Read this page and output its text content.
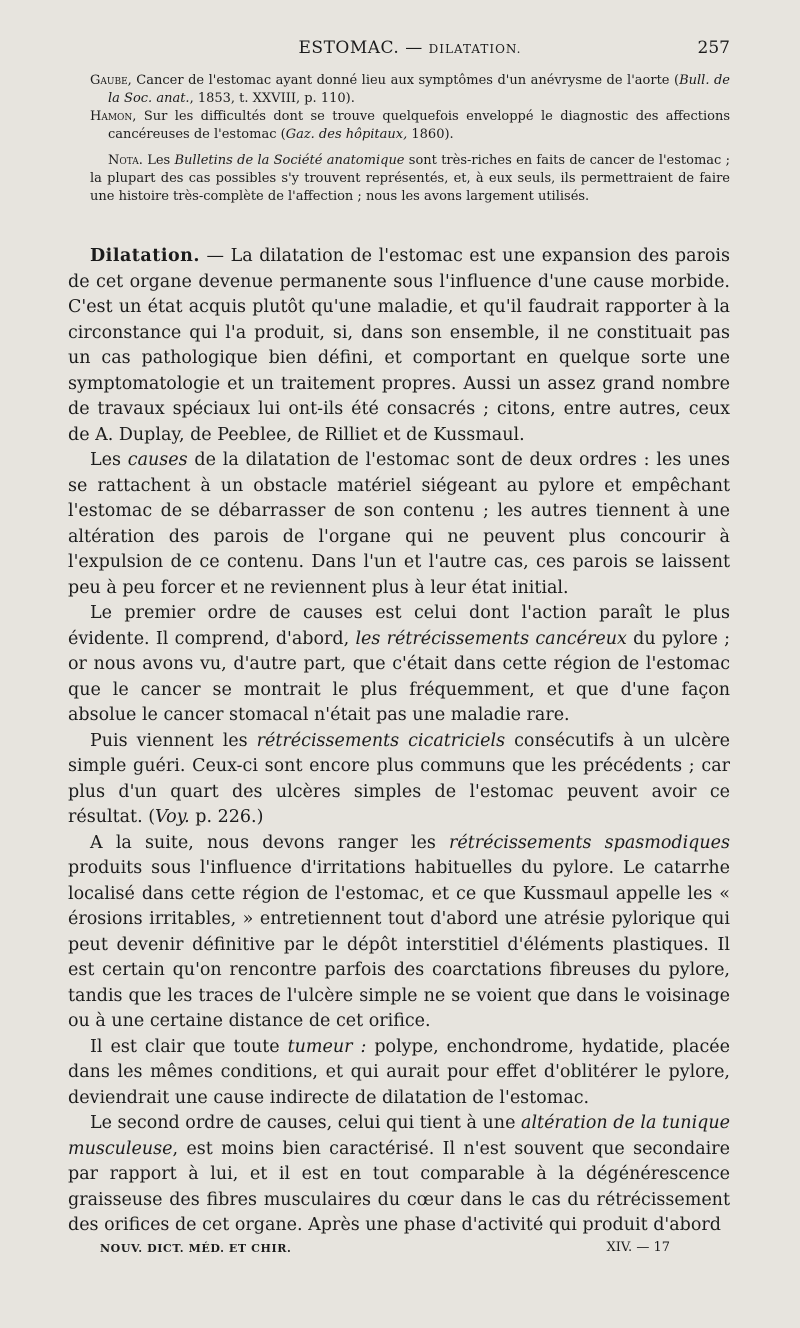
ESTOMAC. — DILATATION.	257

Gaube, Cancer de l'estomac ayant donné lieu aux symptômes d'un anévrysme de l'aorte (Bull. de la Soc. anat., 1853, t. XXVIII, p. 110).

Hamon, Sur les difficultés dont se trouve quelquefois enveloppé le diagnostic des affections cancéreuses de l'estomac (Gaz. des hôpitaux, 1860).

Nota. Les Bulletins de la Société anatomique sont très-riches en faits de cancer de l'estomac ; la plupart des cas possibles s'y trouvent représentés, et, à eux seuls, ils permettraient de faire une histoire très-complète de l'affection ; nous les avons largement utilisés.

Dilatation. — La dilatation de l'estomac est une expansion des parois de cet organe devenue permanente sous l'influence d'une cause morbide. C'est un état acquis plutôt qu'une maladie, et qu'il faudrait rapporter à la circonstance qui l'a produit, si, dans son ensemble, il ne constituait pas un cas pathologique bien défini, et comportant en quelque sorte une symptomatologie et un traitement propres. Aussi un assez grand nombre de travaux spéciaux lui ont-ils été consacrés ; citons, entre autres, ceux de A. Duplay, de Peeblee, de Rilliet et de Kussmaul.

Les causes de la dilatation de l'estomac sont de deux ordres : les unes se rattachent à un obstacle matériel siégeant au pylore et empêchant l'estomac de se débarrasser de son contenu ; les autres tiennent à une altération des parois de l'organe qui ne peuvent plus concourir à l'expulsion de ce contenu. Dans l'un et l'autre cas, ces parois se laissent peu à peu forcer et ne reviennent plus à leur état initial.

Le premier ordre de causes est celui dont l'action paraît le plus évidente. Il comprend, d'abord, les rétrécissements cancéreux du pylore ; or nous avons vu, d'autre part, que c'était dans cette région de l'estomac que le cancer se montrait le plus fréquemment, et que d'une façon absolue le cancer stomacal n'était pas une maladie rare.

Puis viennent les rétrécissements cicatriciels consécutifs à un ulcère simple guéri. Ceux-ci sont encore plus communs que les précédents ; car plus d'un quart des ulcères simples de l'estomac peuvent avoir ce résultat. (Voy. p. 226.)

A la suite, nous devons ranger les rétrécissements spasmodiques produits sous l'influence d'irritations habituelles du pylore. Le catarrhe localisé dans cette région de l'estomac, et ce que Kussmaul appelle les « érosions irritables, » entretiennent tout d'abord une atrésie pylorique qui peut devenir définitive par le dépôt interstitiel d'éléments plastiques. Il est certain qu'on rencontre parfois des coarctations fibreuses du pylore, tandis que les traces de l'ulcère simple ne se voient que dans le voisinage ou à une certaine distance de cet orifice.

Il est clair que toute tumeur : polype, enchondrome, hydatide, placée dans les mêmes conditions, et qui aurait pour effet d'oblitérer le pylore, deviendrait une cause indirecte de dilatation de l'estomac.

Le second ordre de causes, celui qui tient à une altération de la tunique musculeuse, est moins bien caractérisé. Il n'est souvent que secondaire par rapport à lui, et il est en tout comparable à la dégénérescence graisseuse des fibres musculaires du cœur dans le cas du rétrécissement des orifices de cet organe. Après une phase d'activité qui produit d'abord

NOUV. DICT. MÉD. ET CHIR.	XIV. — 17
